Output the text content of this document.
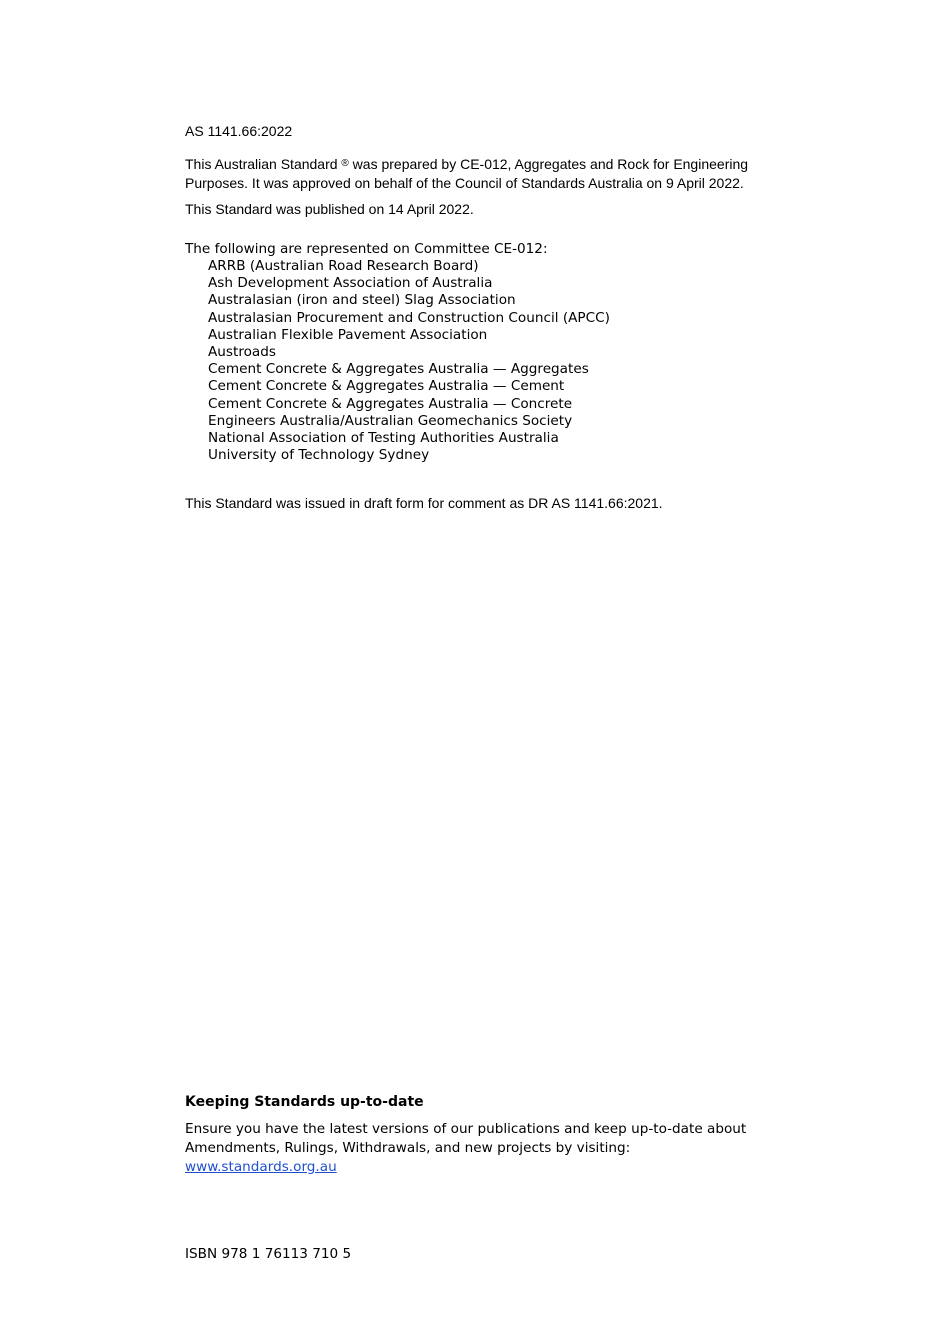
AS 1141.66:2022
This Australian Standard ® was prepared by CE-012, Aggregates and Rock for Engineering Purposes. It was approved on behalf of the Council of Standards Australia on 9 April 2022.
This Standard was published on 14 April 2022.
The following are represented on Committee CE-012:
ARRB (Australian Road Research Board)
Ash Development Association of Australia
Australasian (iron and steel) Slag Association
Australasian Procurement and Construction Council (APCC)
Australian Flexible Pavement Association
Austroads
Cement Concrete & Aggregates Australia — Aggregates
Cement Concrete & Aggregates Australia — Cement
Cement Concrete & Aggregates Australia — Concrete
Engineers Australia/Australian Geomechanics Society
National Association of Testing Authorities Australia
University of Technology Sydney
This Standard was issued in draft form for comment as DR AS 1141.66:2021.
Keeping Standards up-to-date
Ensure you have the latest versions of our publications and keep up-to-date about Amendments, Rulings, Withdrawals, and new projects by visiting:
www.standards.org.au
ISBN 978 1 76113 710 5
